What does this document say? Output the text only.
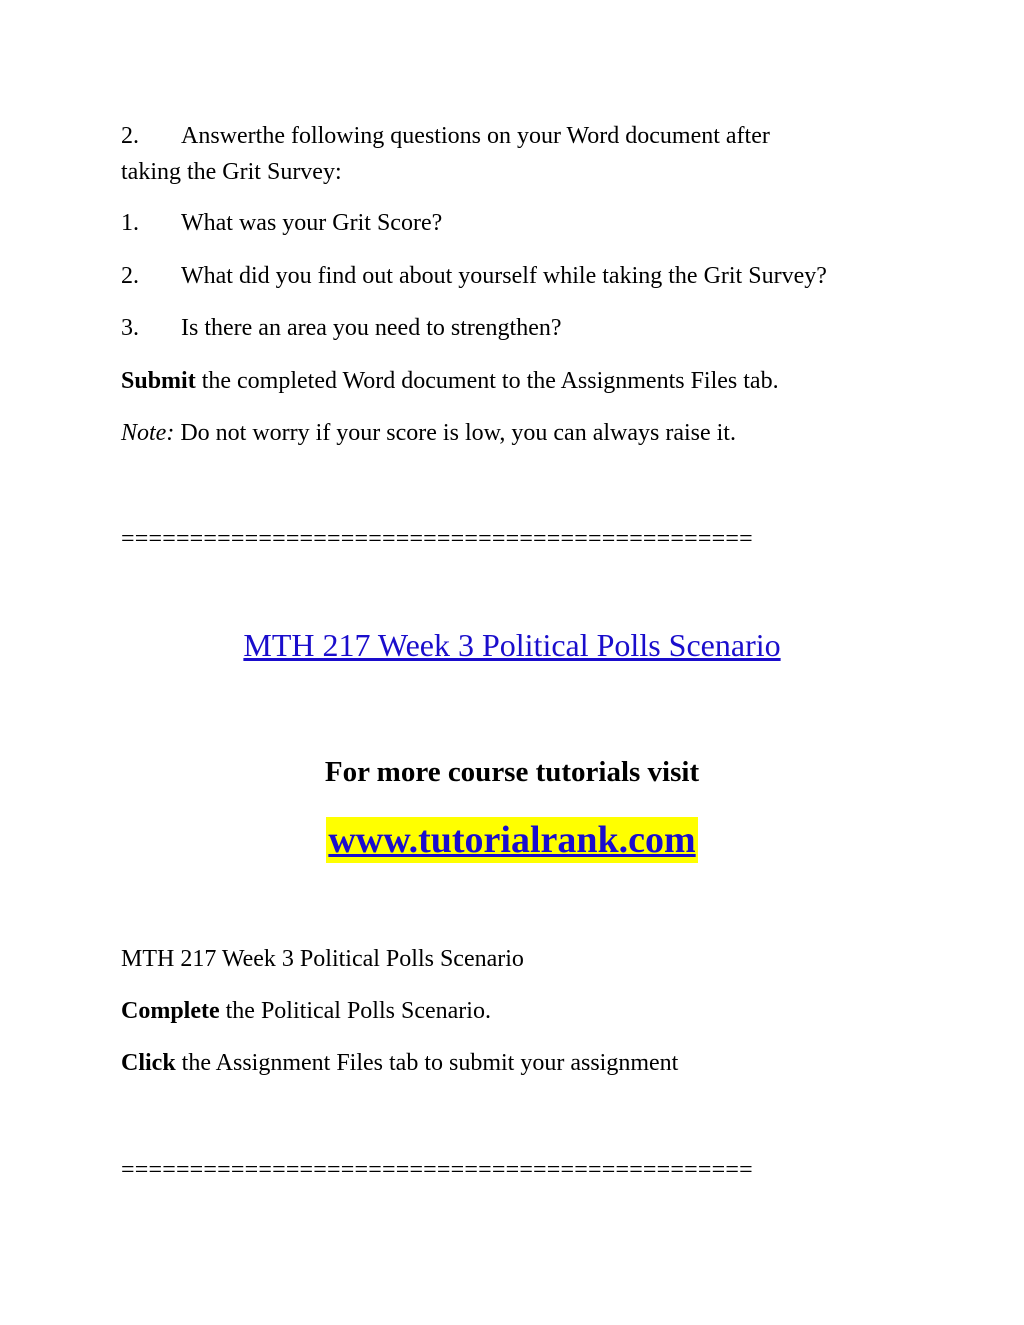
2. Answerthe following questions on your Word document after
taking the Grit Survey:
1. What was your Grit Score?
2. What did you find out about yourself while taking the Grit Survey?
3. Is there an area you need to strengthen?
Submit the completed Word document to the Assignments Files tab.
Note: Do not worry if your score is low, you can always raise it.
==============================================
MTH 217 Week 3 Political Polls Scenario
For more course tutorials visit
www.tutorialrank.com
MTH 217 Week 3 Political Polls Scenario
Complete the Political Polls Scenario.
Click the Assignment Files tab to submit your assignment
==============================================
